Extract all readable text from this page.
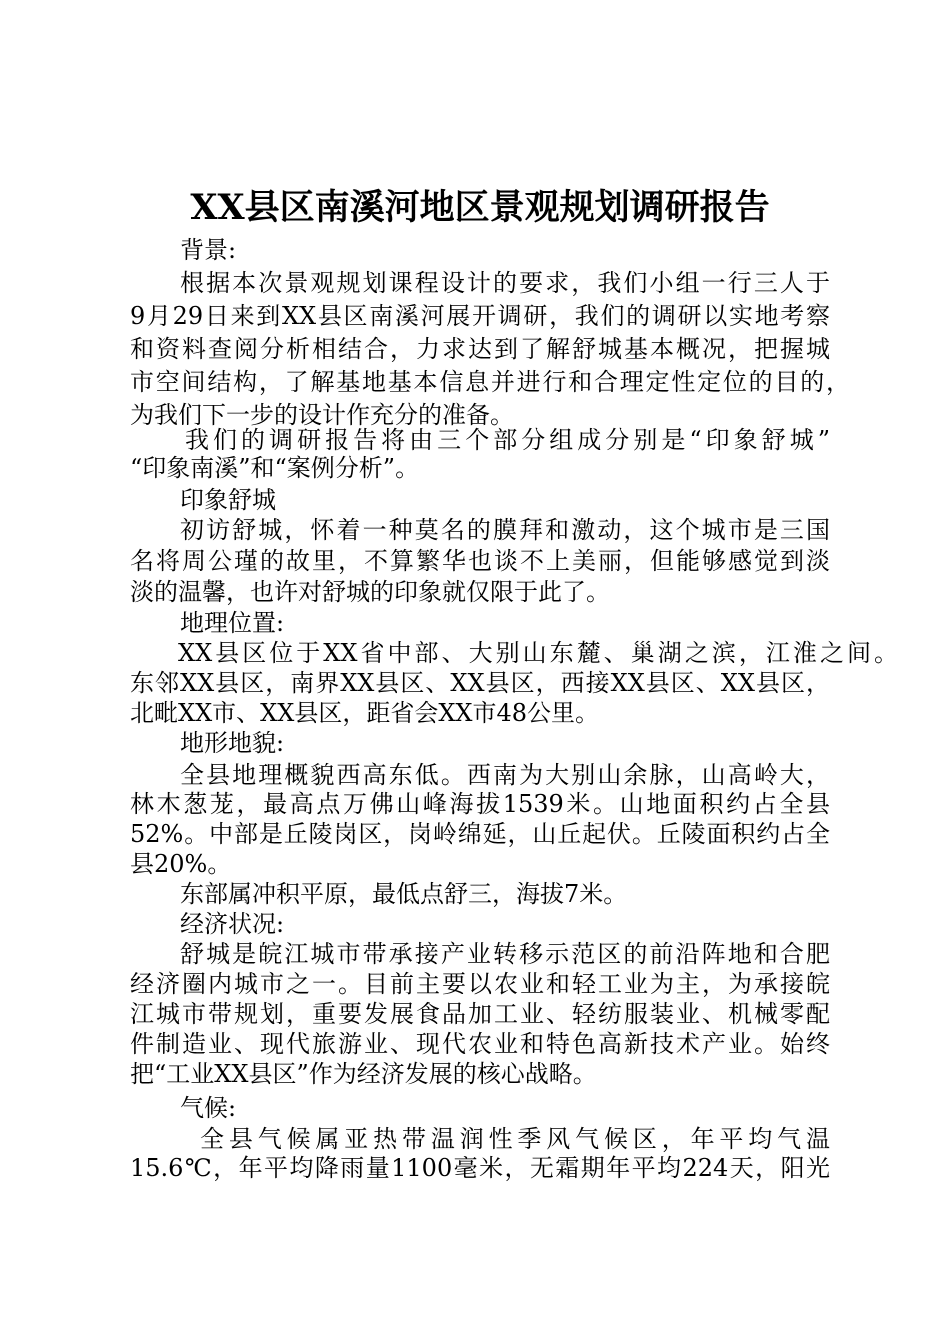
XX县区南溪河地区景观规划调研报告
背景:
根据本次景观规划课程设计的要求，我们小组一行三人于
9月29日来到XX县区南溪河展开调研，我们的调研以实地考察
和资料查阅分析相结合，力求达到了解舒城基本概况，把握城
市空间结构，了解基地基本信息并进行和合理定性定位的目的，
为我们下一步的设计作充分的准备。
我们的调研报告将由三个部分组成分别是“印象舒城”
“印象南溪”和“案例分析”。
印象舒城
初访舒城，怀着一种莫名的膜拜和激动，这个城市是三国
名将周公瑾的故里，不算繁华也谈不上美丽，但能够感觉到淡
淡的温馨，也许对舒城的印象就仅限于此了。
地理位置:
XX县区位于XX省中部、大别山东麓、巢湖之滨，江淮之间。
东邻XX县区，南界XX县区、XX县区，西接XX县区、XX县区，
北毗XX市、XX县区，距省会XX市48公里。
地形地貌:
全县地理概貌西高东低。西南为大别山余脉，山高岭大，
林木葱茏，最高点万佛山峰海拔1539米。山地面积约占全县
52%。中部是丘陵岗区，岗岭绵延，山丘起伏。丘陵面积约占全
县20%。
东部属冲积平原，最低点舒三，海拔7米。
经济状况:
舒城是皖江城市带承接产业转移示范区的前沿阵地和合肥
经济圈内城市之一。目前主要以农业和轻工业为主，为承接皖
江城市带规划，重要发展食品加工业、轻纺服装业、机械零配
件制造业、现代旅游业、现代农业和特色高新技术产业。始终
把“工业XX县区”作为经济发展的核心战略。
气候:
全县气候属亚热带温润性季风气候区，年平均气温
15.6℃，年平均降雨量1100毫米，无霜期年平均224天，阳光
